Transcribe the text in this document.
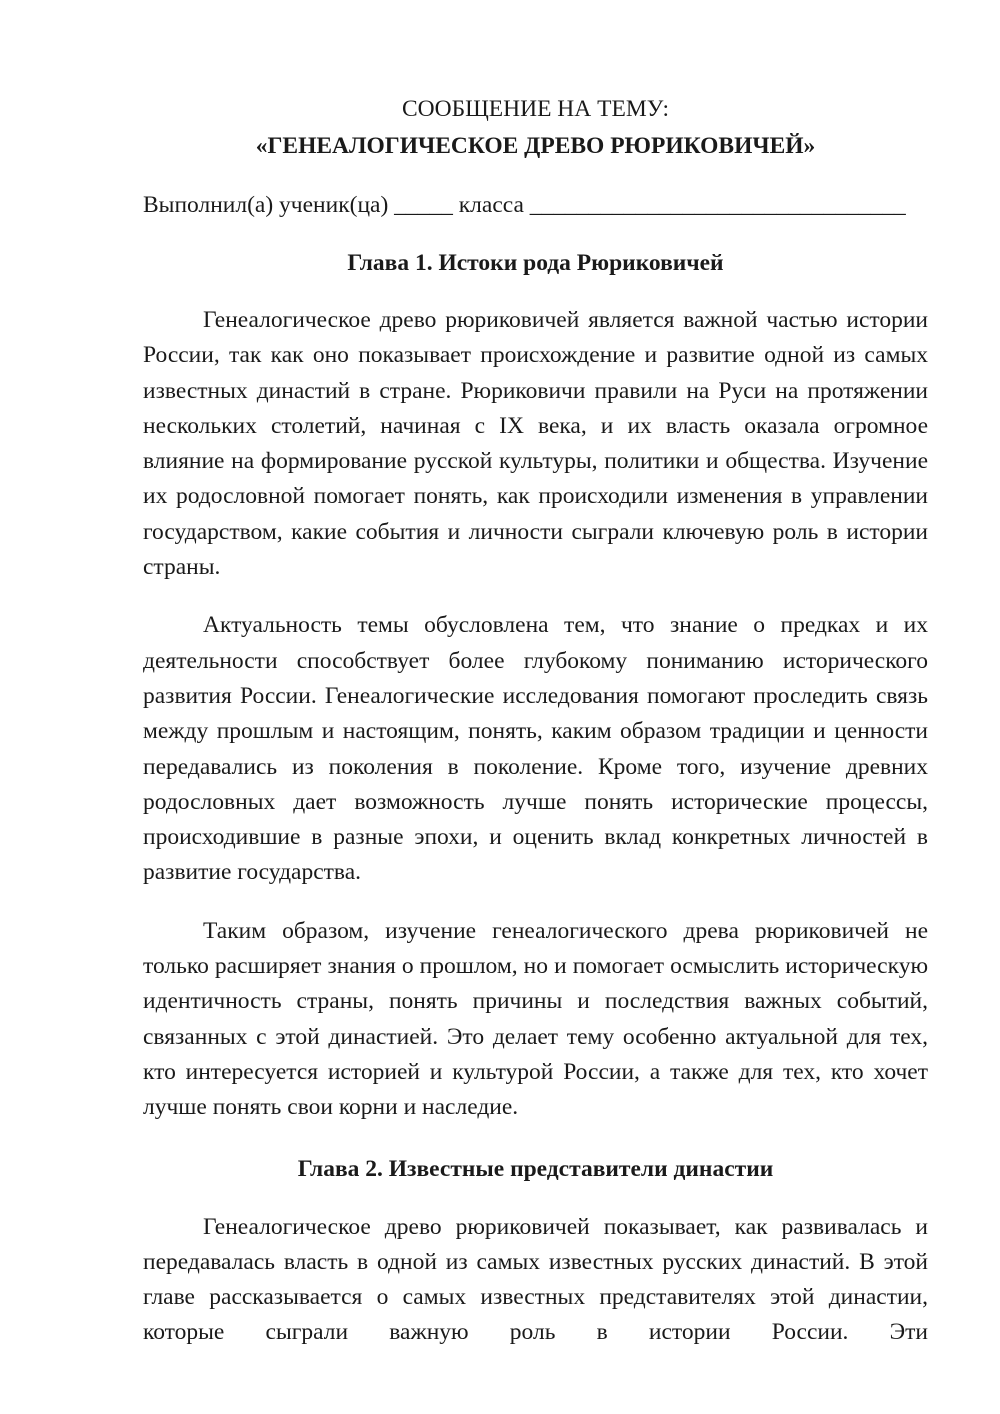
СООБЩЕНИЕ НА ТЕМУ:
«ГЕНЕАЛОГИЧЕСКОЕ ДРЕВО РЮРИКОВИЧЕЙ»

Выполнил(а) ученик(ца) _____ класса ________________________________

Глава 1. Истоки рода Рюриковичей

Генеалогическое древо рюриковичей является важной частью истории России, так как оно показывает происхождение и развитие одной из самых известных династий в стране. Рюриковичи правили на Руси на протяжении нескольких столетий, начиная с IX века, и их власть оказала огромное влияние на формирование русской культуры, политики и общества. Изучение их родословной помогает понять, как происходили изменения в управлении государством, какие события и личности сыграли ключевую роль в истории страны.

Актуальность темы обусловлена тем, что знание о предках и их деятельности способствует более глубокому пониманию исторического развития России. Генеалогические исследования помогают проследить связь между прошлым и настоящим, понять, каким образом традиции и ценности передавались из поколения в поколение. Кроме того, изучение древних родословных дает возможность лучше понять исторические процессы, происходившие в разные эпохи, и оценить вклад конкретных личностей в развитие государства.

Таким образом, изучение генеалогического древа рюриковичей не только расширяет знания о прошлом, но и помогает осмыслить историческую идентичность страны, понять причины и последствия важных событий, связанных с этой династией. Это делает тему особенно актуальной для тех, кто интересуется историей и культурой России, а также для тех, кто хочет лучше понять свои корни и наследие.

Глава 2. Известные представители династии

Генеалогическое древо рюриковичей показывает, как развивалась и передавалась власть в одной из самых известных русских династий. В этой главе рассказывается о самых известных представителях этой династии, которые сыграли важную роль в истории России. Эти
